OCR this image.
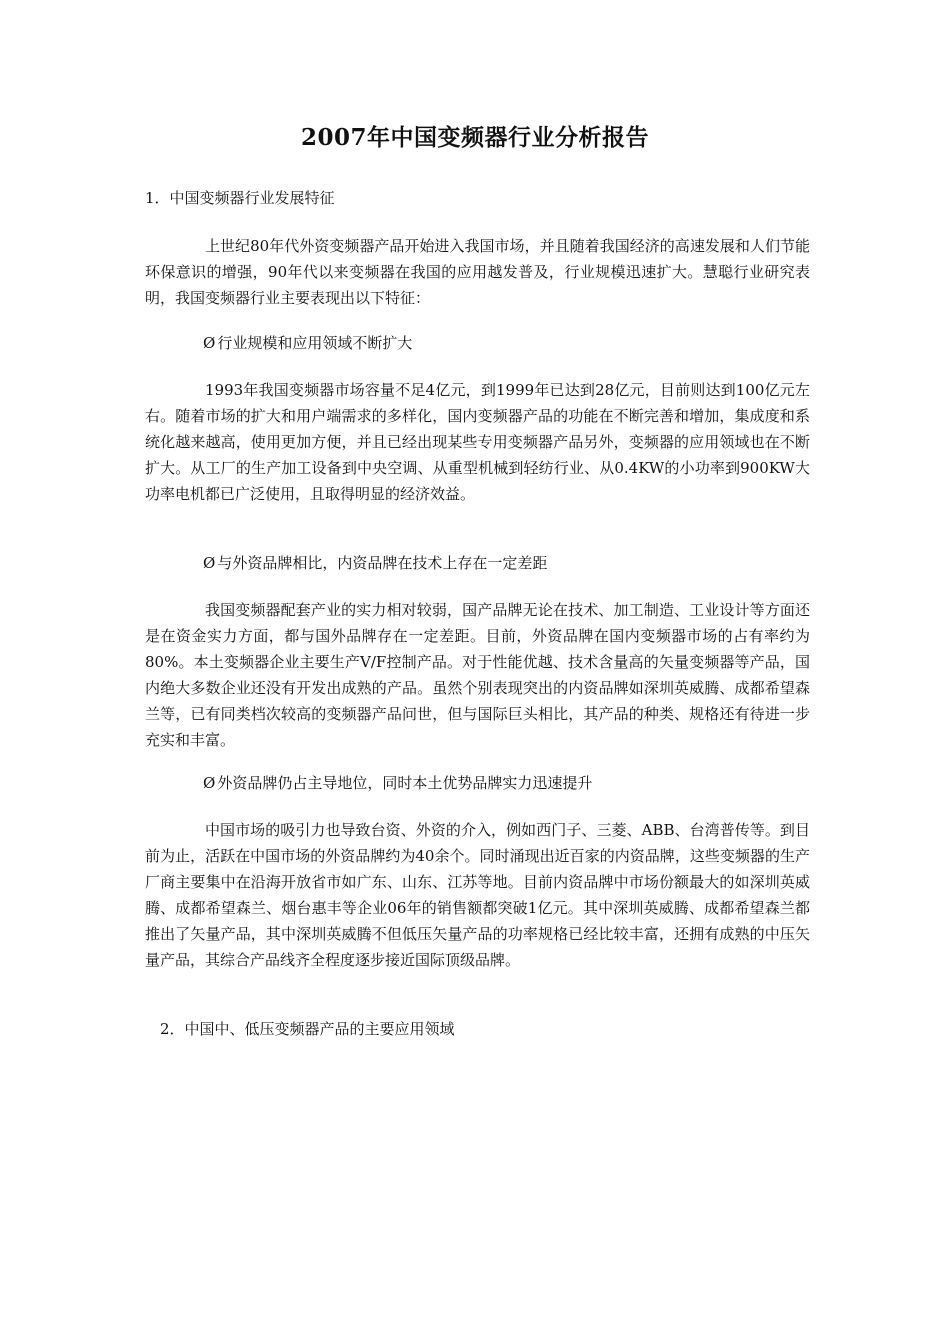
2007年中国变频器行业分析报告
1．中国变频器行业发展特征
上世纪80年代外资变频器产品开始进入我国市场，并且随着我国经济的高速发展和人们节能环保意识的增强，90年代以来变频器在我国的应用越发普及，行业规模迅速扩大。慧聪行业研究表明，我国变频器行业主要表现出以下特征：
Ø 行业规模和应用领域不断扩大
1993年我国变频器市场容量不足4亿元，到1999年已达到28亿元，目前则达到100亿元左右。随着市场的扩大和用户端需求的多样化，国内变频器产品的功能在不断完善和增加，集成度和系统化越来越高，使用更加方便，并且已经出现某些专用变频器产品另外，变频器的应用领域也在不断扩大。从工厂的生产加工设备到中央空调、从重型机械到轻纺行业、从0.4KW的小功率到900KW大功率电机都已广泛使用，且取得明显的经济效益。
Ø 与外资品牌相比，内资品牌在技术上存在一定差距
我国变频器配套产业的实力相对较弱，国产品牌无论在技术、加工制造、工业设计等方面还是在资金实力方面，都与国外品牌存在一定差距。目前，外资品牌在国内变频器市场的占有率约为80%。本土变频器企业主要生产V/F控制产品。对于性能优越、技术含量高的矢量变频器等产品，国内绝大多数企业还没有开发出成熟的产品。虽然个别表现突出的内资品牌如深圳英威腾、成都希望森兰等，已有同类档次较高的变频器产品问世，但与国际巨头相比，其产品的种类、规格还有待进一步充实和丰富。
Ø 外资品牌仍占主导地位，同时本土优势品牌实力迅速提升
中国市场的吸引力也导致台资、外资的介入，例如西门子、三菱、ABB、台湾普传等。到目前为止，活跃在中国市场的外资品牌约为40余个。同时涌现出近百家的内资品牌，这些变频器的生产厂商主要集中在沿海开放省市如广东、山东、江苏等地。目前内资品牌中市场份额最大的如深圳英威腾、成都希望森兰、烟台惠丰等企业06年的销售额都突破1亿元。其中深圳英威腾、成都希望森兰都推出了矢量产品，其中深圳英威腾不但低压矢量产品的功率规格已经比较丰富，还拥有成熟的中压矢量产品，其综合产品线齐全程度逐步接近国际顶级品牌。
2．中国中、低压变频器产品的主要应用领域
